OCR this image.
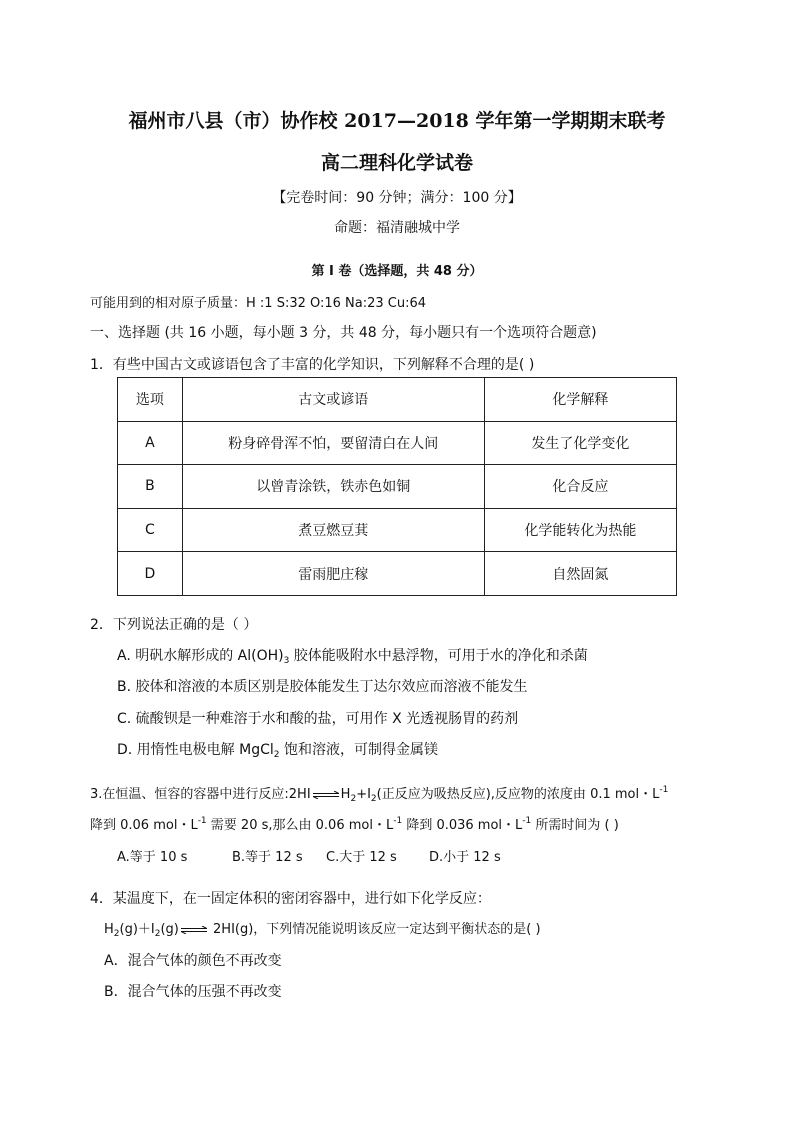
福州市八县（市）协作校 2017—2018 学年第一学期期末联考
高二理科化学试卷
【完卷时间：90 分钟；满分：100 分】
命题：福清融城中学
第 I 卷（选择题，共 48 分）
可能用到的相对原子质量：H :1 S:32 O:16 Na:23 Cu:64
一、选择题 (共 16 小题，每小题 3 分，共 48 分，每小题只有一个选项符合题意)
1．有些中国古文或谚语包含了丰富的化学知识，下列解释不合理的是( )
选项	古文或谚语	化学解释
A	粉身碎骨浑不怕，要留清白在人间	发生了化学变化
B	以曾青涂铁，铁赤色如铜	化合反应
C	煮豆燃豆萁	化学能转化为热能
D	雷雨肥庄稼	自然固氮
2．下列说法正确的是（ ）
A. 明矾水解形成的 $Al(OH)_3$ 胶体能吸附水中悬浮物，可用于水的净化和杀菌
B. 胶体和溶液的本质区别是胶体能发生丁达尔效应而溶液不能发生
C. 硫酸钡是一种难溶于水和酸的盐，可用作 X 光透视肠胃的药剂
D. 用惰性电极电解 MgCl$_2$ 饱和溶液，可制得金属镁
3.在恒温、恒容的容器中进行反应:2HI ⇌ $H_2+I_2$(正反应为吸热反应),反应物的浓度由 0.1 mol・$L^{-1}$
降到 0.06 mol・$L^{-1}$ 需要 20 s,那么由 0.06 mol・$L^{-1}$ 降到 0.036 mol・$L^{-1}$ 所需时间为 ( )
A.等于 10 s	B.等于 12 s C.大于 12 s D.小于 12 s
4．某温度下，在一固定体积的密闭容器中，进行如下化学反应：
$H_2(g)+I_2(g)$ ⇌ 2HI(g)，下列情况能说明该反应一定达到平衡状态的是( )
A．混合气体的颜色不再改变
B．混合气体的压强不再改变
